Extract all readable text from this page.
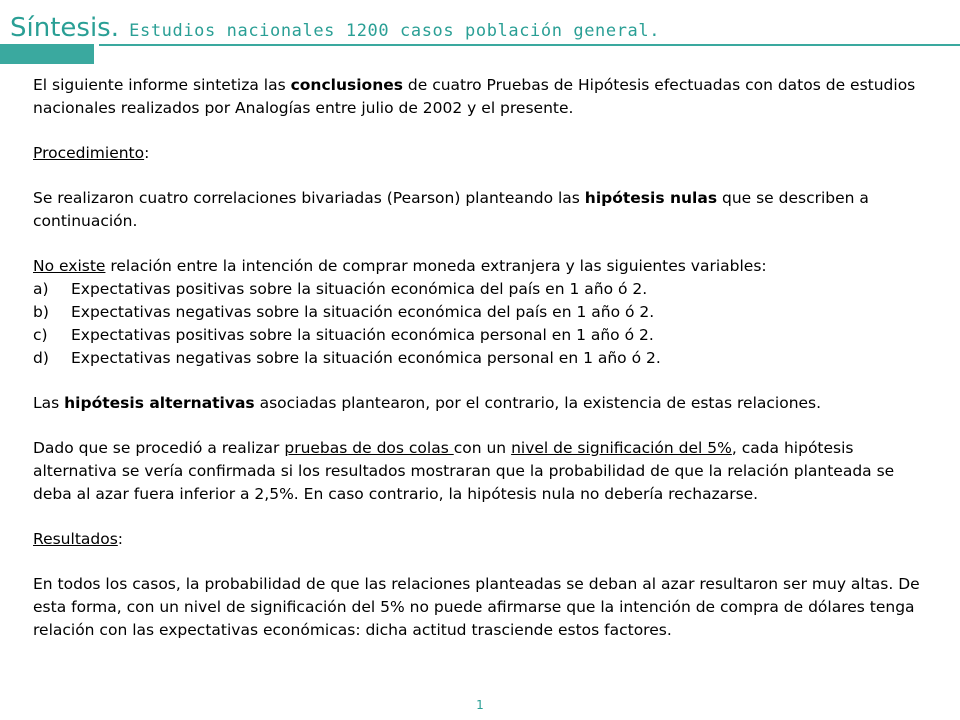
Síntesis. Estudios nacionales 1200 casos población general.

El siguiente informe sintetiza las conclusiones de cuatro Pruebas de Hipótesis efectuadas con datos de estudios nacionales realizados por Analogías entre julio de 2002 y el presente.

Procedimiento:

Se realizaron cuatro correlaciones bivariadas (Pearson) planteando las hipótesis nulas que se describen a continuación.

No existe relación entre la intención de comprar moneda extranjera y las siguientes variables:

a)	Expectativas positivas sobre la situación económica del país en 1 año ó 2.
b)	Expectativas negativas sobre la situación económica del país en 1 año ó 2.
c)	Expectativas positivas sobre la situación económica personal en 1 año ó 2.
d)	Expectativas negativas sobre la situación económica personal en 1 año ó 2.

Las hipótesis alternativas asociadas plantearon, por el contrario, la existencia de estas relaciones.

Dado que se procedió a realizar pruebas de dos colas con un nivel de significación del 5%, cada hipótesis alternativa se vería confirmada si los resultados mostraran que la probabilidad de que la relación planteada se deba al azar fuera inferior a 2,5%. En caso contrario, la hipótesis nula no debería rechazarse.

Resultados:

En todos los casos, la probabilidad de que las relaciones planteadas se deban al azar resultaron ser muy altas. De esta forma, con un nivel de significación del 5% no puede afirmarse que la intención de compra de dólares tenga relación con las expectativas económicas: dicha actitud trasciende estos factores.

1
